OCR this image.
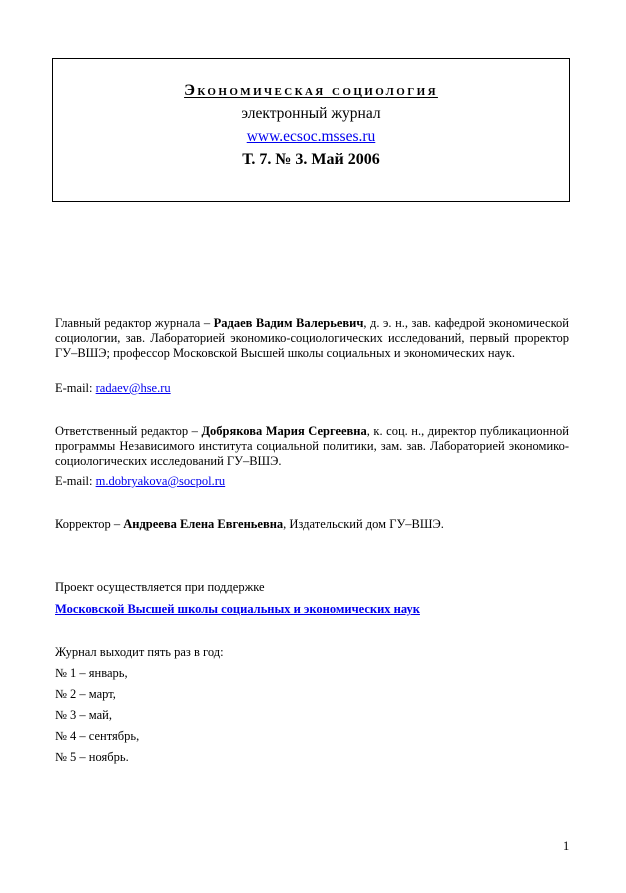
Экономическая социология
электронный журнал
www.ecsoc.msses.ru
Т. 7. № 3. Май 2006
Главный редактор журнала – Радаев Вадим Валерьевич, д. э. н., зав. кафедрой экономической социологии, зав. Лабораторией экономико-социологических исследований, первый проректор ГУ–ВШЭ; профессор Московской Высшей школы социальных и экономических наук.
E-mail: radaev@hse.ru
Ответственный редактор – Добрякова Мария Сергеевна, к. соц. н., директор публикационной программы Независимого института социальной политики, зам. зав. Лабораторией экономико-социологических исследований ГУ–ВШЭ.
E-mail: m.dobryakova@socpol.ru
Корректор – Андреева Елена Евгеньевна, Издательский дом ГУ–ВШЭ.
Проект осуществляется при поддержке
Московской Высшей школы социальных и экономических наук
Журнал выходит пять раз в год:
№ 1 – январь,
№ 2 – март,
№ 3 – май,
№ 4 – сентябрь,
№ 5 – ноябрь.
1
